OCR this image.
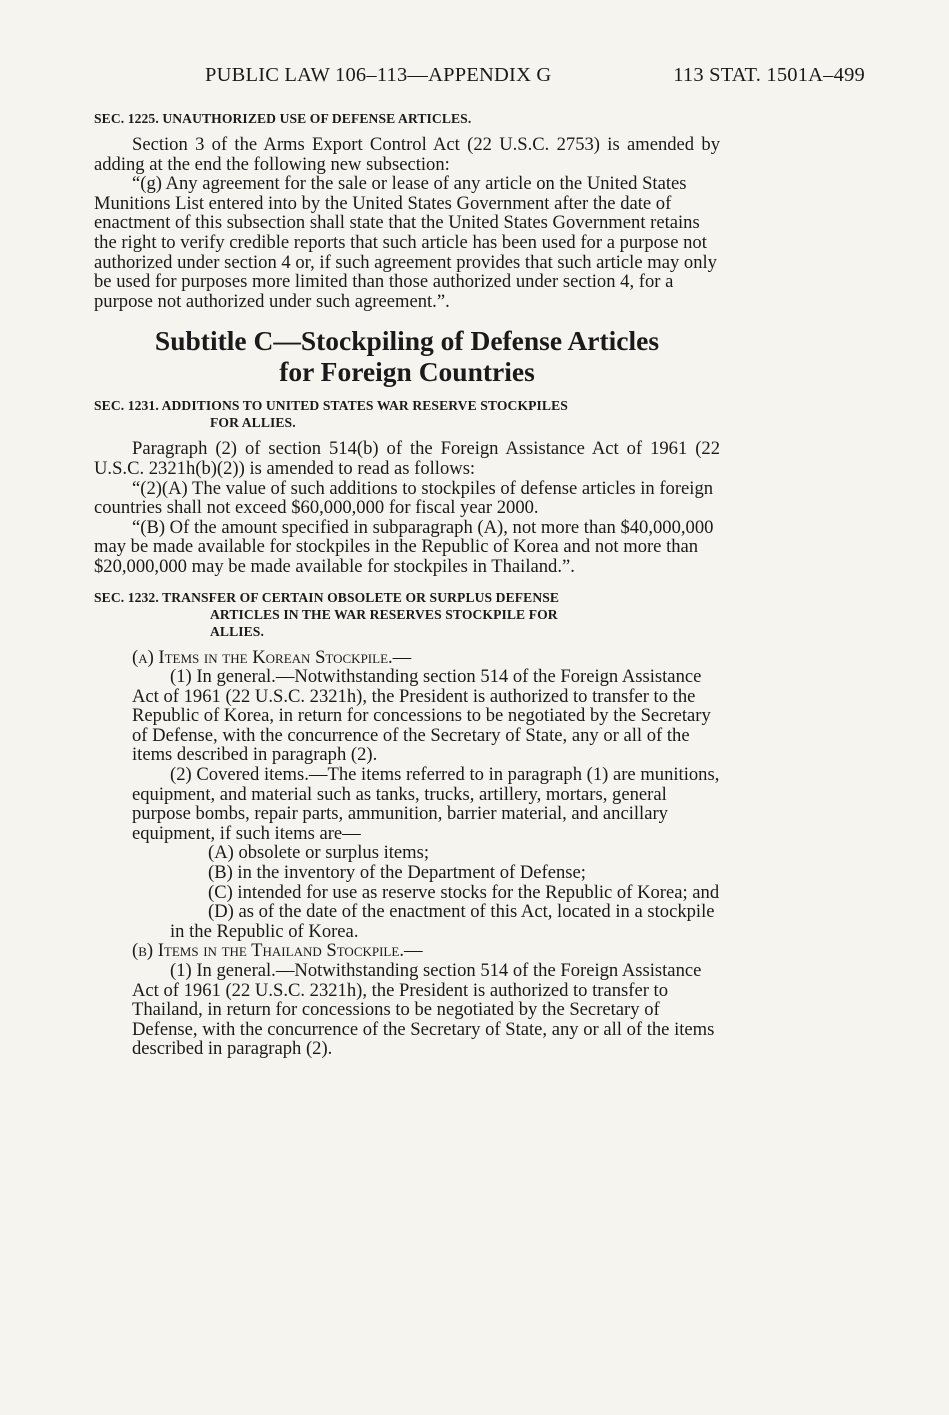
PUBLIC LAW 106–113—APPENDIX G	113 STAT. 1501A–499

SEC. 1225. UNAUTHORIZED USE OF DEFENSE ARTICLES.

Section 3 of the Arms Export Control Act (22 U.S.C. 2753) is amended by adding at the end the following new subsection:

“(g) Any agreement for the sale or lease of any article on the United States Munitions List entered into by the United States Government after the date of enactment of this subsection shall state that the United States Government retains the right to verify credible reports that such article has been used for a purpose not authorized under section 4 or, if such agreement provides that such article may only be used for purposes more limited than those authorized under section 4, for a purpose not authorized under such agreement.”.

Subtitle C—Stockpiling of Defense Articles
for Foreign Countries

SEC. 1231. ADDITIONS TO UNITED STATES WAR RESERVE STOCKPILES
FOR ALLIES.

Paragraph (2) of section 514(b) of the Foreign Assistance Act of 1961 (22 U.S.C. 2321h(b)(2)) is amended to read as follows:

“(2)(A) The value of such additions to stockpiles of defense articles in foreign countries shall not exceed $60,000,000 for fiscal year 2000.

“(B) Of the amount specified in subparagraph (A), not more than $40,000,000 may be made available for stockpiles in the Republic of Korea and not more than $20,000,000 may be made available for stockpiles in Thailand.”.

SEC. 1232. TRANSFER OF CERTAIN OBSOLETE OR SURPLUS DEFENSE
ARTICLES IN THE WAR RESERVES STOCKPILE FOR
ALLIES.

(a) Items in the Korean Stockpile.—

(1) In general.—Notwithstanding section 514 of the Foreign Assistance Act of 1961 (22 U.S.C. 2321h), the President is authorized to transfer to the Republic of Korea, in return for concessions to be negotiated by the Secretary of Defense, with the concurrence of the Secretary of State, any or all of the items described in paragraph (2).

(2) Covered items.—The items referred to in paragraph (1) are munitions, equipment, and material such as tanks, trucks, artillery, mortars, general purpose bombs, repair parts, ammunition, barrier material, and ancillary equipment, if such items are—

(A) obsolete or surplus items;

(B) in the inventory of the Department of Defense;

(C) intended for use as reserve stocks for the Republic of Korea; and

(D) as of the date of the enactment of this Act, located in a stockpile in the Republic of Korea.

(b) Items in the Thailand Stockpile.—

(1) In general.—Notwithstanding section 514 of the Foreign Assistance Act of 1961 (22 U.S.C. 2321h), the President is authorized to transfer to Thailand, in return for concessions to be negotiated by the Secretary of Defense, with the concurrence of the Secretary of State, any or all of the items described in paragraph (2).
